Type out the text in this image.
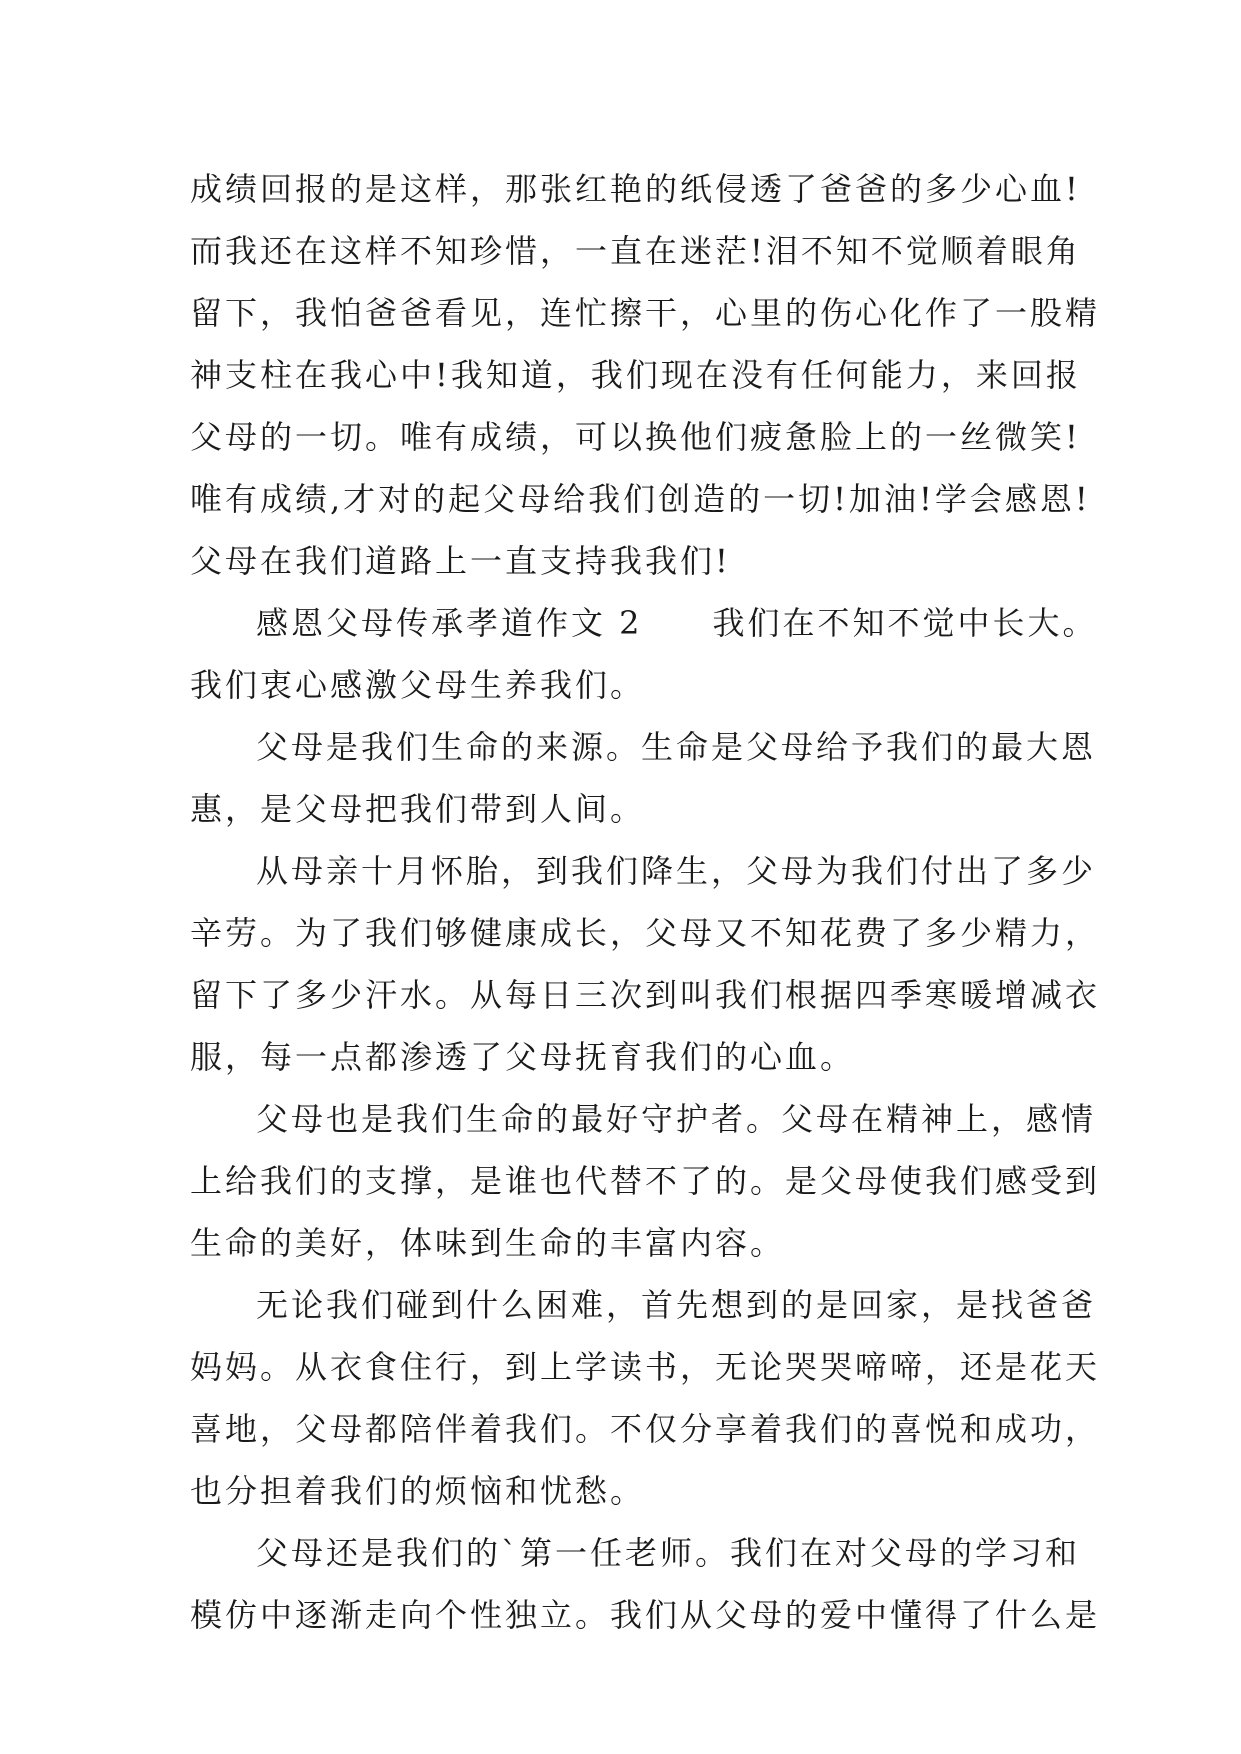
成绩回报的是这样，那张红艳的纸侵透了爸爸的多少心血!
而我还在这样不知珍惜，一直在迷茫!泪不知不觉顺着眼角
留下，我怕爸爸看见，连忙擦干，心里的伤心化作了一股精
神支柱在我心中!我知道，我们现在没有任何能力，来回报
父母的一切。唯有成绩，可以换他们疲惫脸上的一丝微笑!
唯有成绩,才对的起父母给我们创造的一切!加油!学会感恩!
父母在我们道路上一直支持我我们!
感恩父母传承孝道作文 2　　我们在不知不觉中长大。
我们衷心感激父母生养我们。
父母是我们生命的来源。生命是父母给予我们的最大恩
惠，是父母把我们带到人间。
从母亲十月怀胎，到我们降生，父母为我们付出了多少
辛劳。为了我们够健康成长，父母又不知花费了多少精力，
留下了多少汗水。从每日三次到叫我们根据四季寒暖增减衣
服，每一点都渗透了父母抚育我们的心血。
父母也是我们生命的最好守护者。父母在精神上，感情
上给我们的支撑，是谁也代替不了的。是父母使我们感受到
生命的美好，体味到生命的丰富内容。
无论我们碰到什么困难，首先想到的是回家，是找爸爸
妈妈。从衣食住行，到上学读书，无论哭哭啼啼，还是花天
喜地，父母都陪伴着我们。不仅分享着我们的喜悦和成功，
也分担着我们的烦恼和忧愁。
父母还是我们的`第一任老师。我们在对父母的学习和
模仿中逐渐走向个性独立。我们从父母的爱中懂得了什么是
